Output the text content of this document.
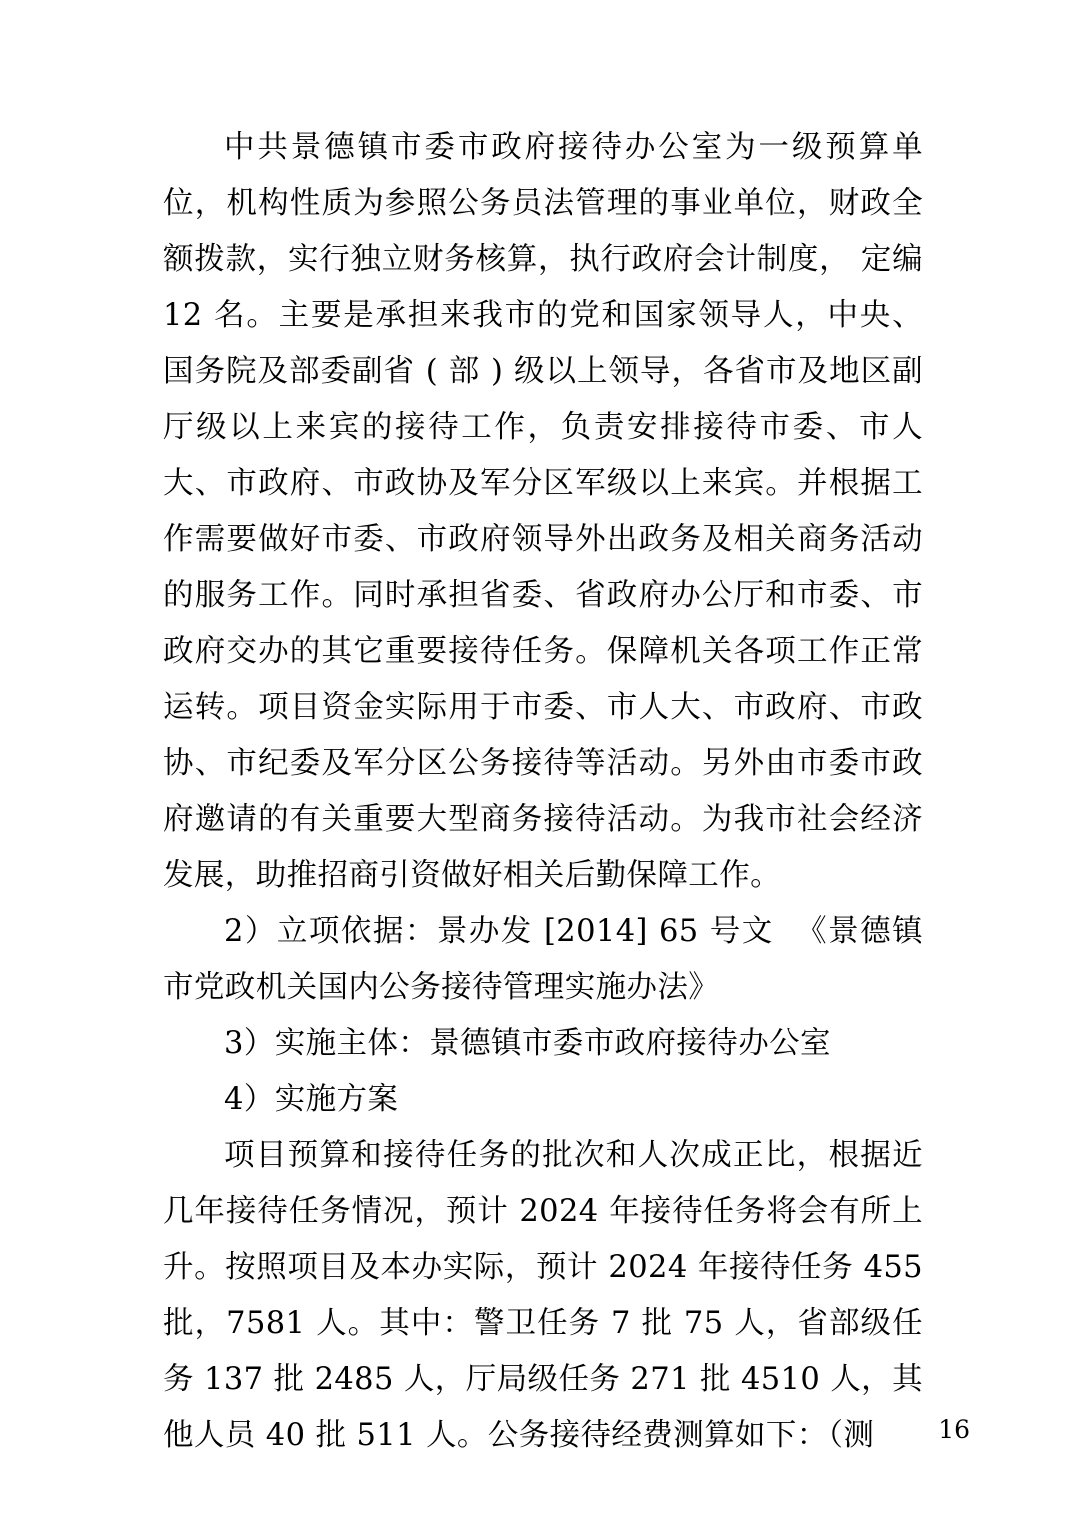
中共景德镇市委市政府接待办公室为一级预算单位，机构性质为参照公务员法管理的事业单位，财政全额拨款，实行独立财务核算，执行政府会计制度， 定编 12 名。主要是承担来我市的党和国家领导人，中央、国务院及部委副省 ( 部 ) 级以上领导，各省市及地区副厅级以上来宾的接待工作，负责安排接待市委、市人大、市政府、市政协及军分区军级以上来宾。并根据工作需要做好市委、市政府领导外出政务及相关商务活动的服务工作。同时承担省委、省政府办公厅和市委、市政府交办的其它重要接待任务。保障机关各项工作正常运转。项目资金实际用于市委、市人大、市政府、市政协、市纪委及军分区公务接待等活动。另外由市委市政府邀请的有关重要大型商务接待活动。为我市社会经济发展，助推招商引资做好相关后勤保障工作。

2）立项依据：景办发 [2014] 65 号文  《景德镇市党政机关国内公务接待管理实施办法》

3）实施主体：景德镇市委市政府接待办公室

4）实施方案

项目预算和接待任务的批次和人次成正比，根据近几年接待任务情况，预计 2024 年接待任务将会有所上升。按照项目及本办实际，预计 2024 年接待任务 455 批，7581 人。其中：警卫任务 7 批 75 人，省部级任务 137 批 2485 人，厅局级任务 271 批 4510 人，其他人员 40 批 511 人。公务接待经费测算如下：（测	16
